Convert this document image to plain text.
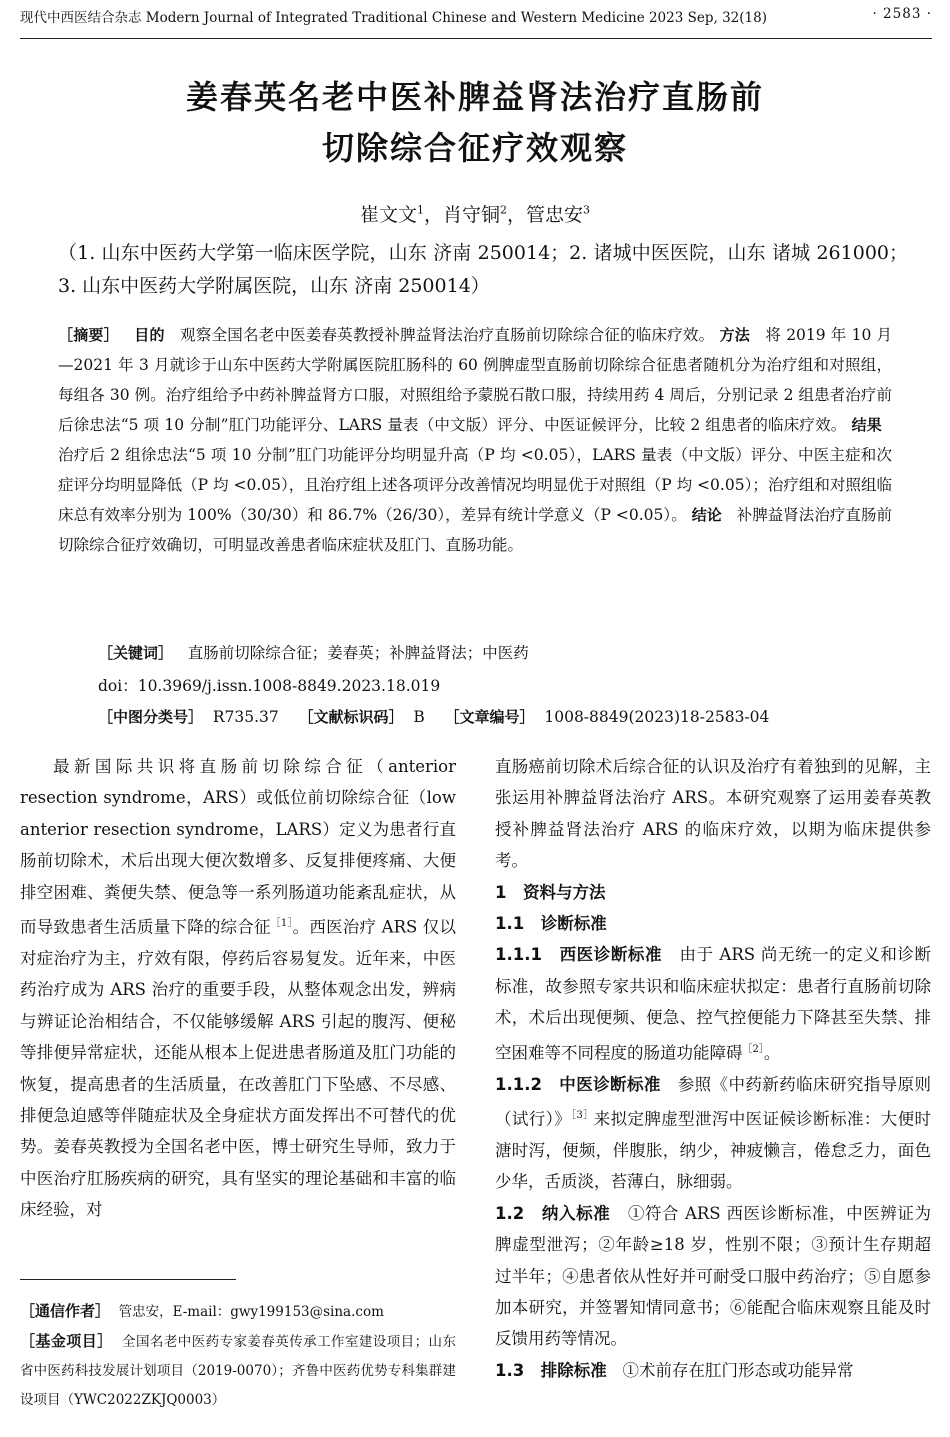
现代中西医结合杂志 Modern Journal of Integrated Traditional Chinese and Western Medicine 2023 Sep, 32(18)	· 2583 ·
姜春英名老中医补脾益肾法治疗直肠前
切除综合征疗效观察
崔文文$^1$，肖守铜$^2$，管忠安$^3$
（1. 山东中医药大学第一临床医学院，山东 济南 250014；2. 诸城中医医院，山东 诸城 261000；3. 山东中医药大学附属医院，山东 济南 250014）
［摘要］ 目的 观察全国名老中医姜春英教授补脾益肾法治疗直肠前切除综合征的临床疗效。 方法 将 2019 年 10 月—2021 年 3 月就诊于山东中医药大学附属医院肛肠科的 60 例脾虚型直肠前切除综合征患者随机分为治疗组和对照组，每组各 30 例。治疗组给予中药补脾益肾方口服，对照组给予蒙脱石散口服，持续用药 4 周后，分别记录 2 组患者治疗前后徐忠法“5 项 10 分制”肛门功能评分、LARS 量表（中文版）评分、中医证候评分，比较 2 组患者的临床疗效。 结果   治疗后 2 组徐忠法“5 项 10 分制”肛门功能评分均明显升高（P 均 <0.05），LARS 量表（中文版）评分、中医主症和次症评分均明显降低（P 均 <0.05），且治疗组上述各项评分改善情况均明显优于对照组（P 均 <0.05）；治疗组和对照组临床总有效率分别为 100%（30/30）和 86.7%（26/30），差异有统计学意义（P <0.05）。 结论 补脾益肾法治疗直肠前切除综合征疗效确切，可明显改善患者临床症状及肛门、直肠功能。
［关键词］ 直肠前切除综合征；姜春英；补脾益肾法；中医药
doi：10.3969/j.issn.1008-8849.2023.18.019
［中图分类号］ R735.37 ［文献标识码］ B ［文章编号］ 1008-8849(2023)18-2583-04

最新国际共识将直肠前切除综合征（anterior resection syndrome，ARS）或低位前切除综合征（low anterior resection syndrome，LARS）定义为患者行直肠前切除术，术后出现大便次数增多、反复排便疼痛、大便排空困难、粪便失禁、便急等一系列肠道功能紊乱症状，从而导致患者生活质量下降的综合征$^{[1]}$。西医治疗 ARS 仅以对症治疗为主，疗效有限，停药后容易复发。近年来，中医药治疗成为 ARS 治疗的重要手段，从整体观念出发，辨病与辨证论治相结合，不仅能够缓解 ARS 引起的腹泻、便秘等排便异常症状，还能从根本上促进患者肠道及肛门功能的恢复，提高患者的生活质量，在改善肛门下坠感、不尽感、排便急迫感等伴随症状及全身症状方面发挥出不可替代的优势。姜春英教授为全国名老中医，博士研究生导师，致力于中医治疗肛肠疾病的研究，具有坚实的理论基础和丰富的临床经验，对

［通信作者］ 管忠安，E-mail：gwy199153@sina.com

［基金项目］ 全国名老中医药专家姜春英传承工作室建设项目；山东省中医药科技发展计划项目（2019-0070）；齐鲁中医药优势专科集群建设项目（YWC2022ZKJQ0003）

直肠癌前切除术后综合征的认识及治疗有着独到的见解，主张运用补脾益肾法治疗 ARS。本研究观察了运用姜春英教授补脾益肾法治疗 ARS 的临床疗效，以期为临床提供参考。

1　资料与方法

1.1　诊断标准

1.1.1　西医诊断标准 由于 ARS 尚无统一的定义和诊断标准，故参照专家共识和临床症状拟定：患者行直肠前切除术，术后出现便频、便急、控气控便能力下降甚至失禁、排空困难等不同程度的肠道功能障碍$^{[2]}$。

1.1.2　中医诊断标准 参照《中药新药临床研究指导原则（试行）》$^{[3]}$来拟定脾虚型泄泻中医证候诊断标准：大便时溏时泻，便频，伴腹胀，纳少，神疲懒言，倦怠乏力，面色少华，舌质淡，苔薄白，脉细弱。

1.2　纳入标准 ①符合 ARS 西医诊断标准，中医辨证为脾虚型泄泻；②年龄≥18 岁，性别不限；③预计生存期超过半年；④患者依从性好并可耐受口服中药治疗；⑤自愿参加本研究，并签署知情同意书；⑥能配合临床观察且能及时反馈用药等情况。

1.3　排除标准 ①术前存在肛门形态或功能异常
